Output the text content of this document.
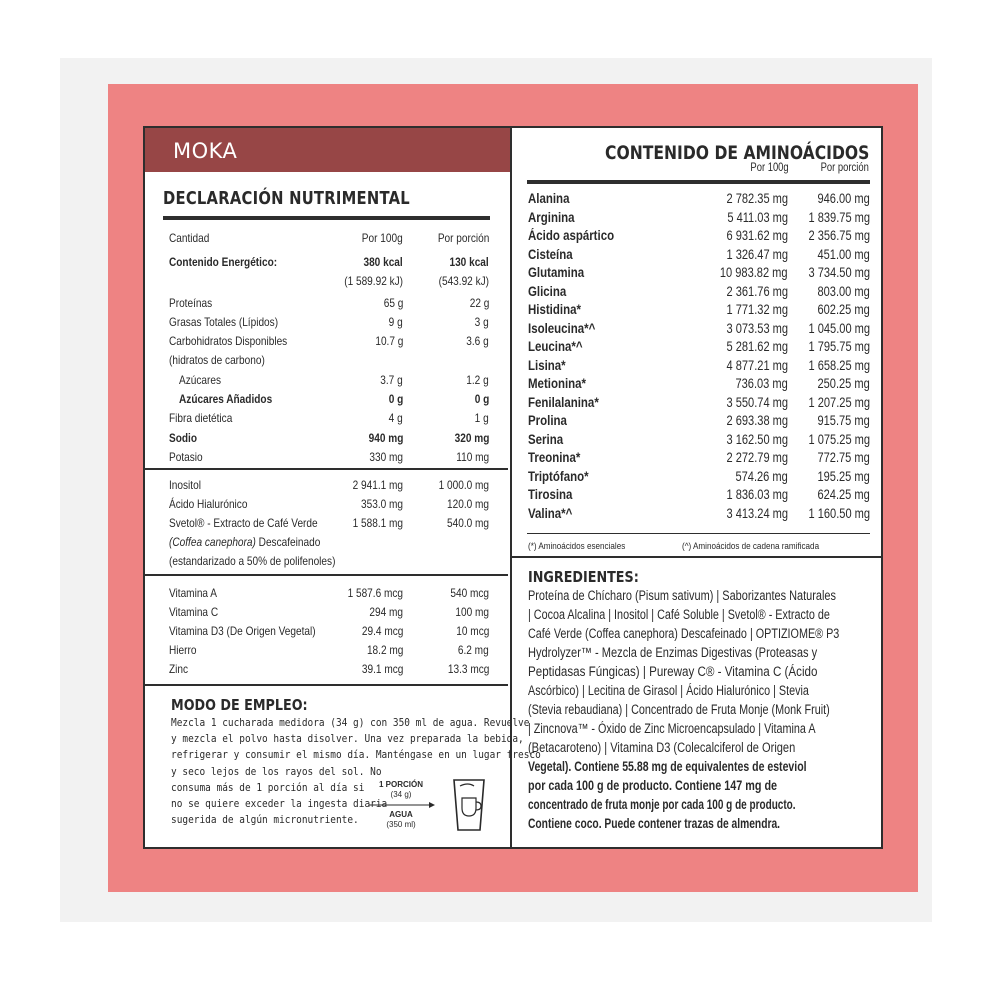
MOKA
DECLARACIÓN NUTRIMENTAL
Cantidad	Por 100g	Por porción
Contenido Energético:	380 kcal	130 kcal
(1 589.92 kJ)	(543.92 kJ)
Proteínas	65 g	22 g
Grasas Totales (Lípidos)	9 g	3 g
Carbohidratos Disponibles	10.7 g	3.6 g
(hidratos de carbono)
Azúcares	3.7 g	1.2 g
Azúcares Añadidos	0 g	0 g
Fibra dietética	4 g	1 g
Sodio	940 mg	320 mg
Potasio	330 mg	110 mg
Inositol	2 941.1 mg	1 000.0 mg
Ácido Hialurónico	353.0 mg	120.0 mg
Svetol® - Extracto de Café Verde	1 588.1 mg	540.0 mg
(Coffea canephora) Descafeinado
(estandarizado a 50% de polifenoles)
Vitamina A	1 587.6 mcg	540 mcg
Vitamina C	294 mg	100 mg
Vitamina D3 (De Origen Vegetal)	29.4 mcg	10 mcg
Hierro	18.2 mg	6.2 mg
Zinc	39.1 mcg	13.3 mcg
MODO DE EMPLEO:
Mezcla 1 cucharada medidora (34 g) con 350 ml de agua. Revuelve
y mezcla el polvo hasta disolver. Una vez preparada la bebida,
refrigerar y consumir el mismo día. Manténgase en un lugar fresco
y seco lejos de los rayos del sol. No
consuma más de 1 porción al día si
no se quiere exceder la ingesta diaria
sugerida de algún micronutriente.
1 PORCIÓN
(34 g)
AGUA
(350 ml)
CONTENIDO DE AMINOÁCIDOS
Por 100g	Por porción
Alanina	2 782.35 mg 946.00 mg
Arginina	5 411.03 mg 1 839.75 mg
Ácido aspártico	6 931.62 mg 2 356.75 mg
Cisteína	1 326.47 mg 451.00 mg
Glutamina	10 983.82 mg 3 734.50 mg
Glicina	2 361.76 mg 803.00 mg
Histidina*	1 771.32 mg 602.25 mg
Isoleucina*^	3 073.53 mg 1 045.00 mg
Leucina*^	5 281.62 mg 1 795.75 mg
Lisina*	4 877.21 mg 1 658.25 mg
Metionina*	736.03 mg 250.25 mg
Fenilalanina*	3 550.74 mg 1 207.25 mg
Prolina	2 693.38 mg 915.75 mg
Serina	3 162.50 mg 1 075.25 mg
Treonina*	2 272.79 mg 772.75 mg
Triptófano*	574.26 mg 195.25 mg
Tirosina	1 836.03 mg 624.25 mg
Valina*^	3 413.24 mg 1 160.50 mg
(*) Aminoácidos esenciales	(^) Aminoácidos de cadena ramificada
INGREDIENTES:
Proteína de Chícharo (Pisum sativum) | Saborizantes Naturales
| Cocoa Alcalina | Inositol | Café Soluble | Svetol® - Extracto de
Café Verde (Coffea canephora) Descafeinado | OPTIZIOME® P3
Hydrolyzer™ - Mezcla de Enzimas Digestivas (Proteasas y
Peptidasas Fúngicas) | Pureway C® - Vitamina C (Ácido
Ascórbico) | Lecitina de Girasol | Ácido Hialurónico | Stevia
(Stevia rebaudiana) | Concentrado de Fruta Monje (Monk Fruit)
| Zincnova™ - Óxido de Zinc Microencapsulado | Vitamina A
(Betacaroteno) | Vitamina D3 (Colecalciferol de Origen
Vegetal). Contiene 55.88 mg de equivalentes de esteviol
por cada 100 g de producto. Contiene 147 mg de
concentrado de fruta monje por cada 100 g de producto.
Contiene coco. Puede contener trazas de almendra.
